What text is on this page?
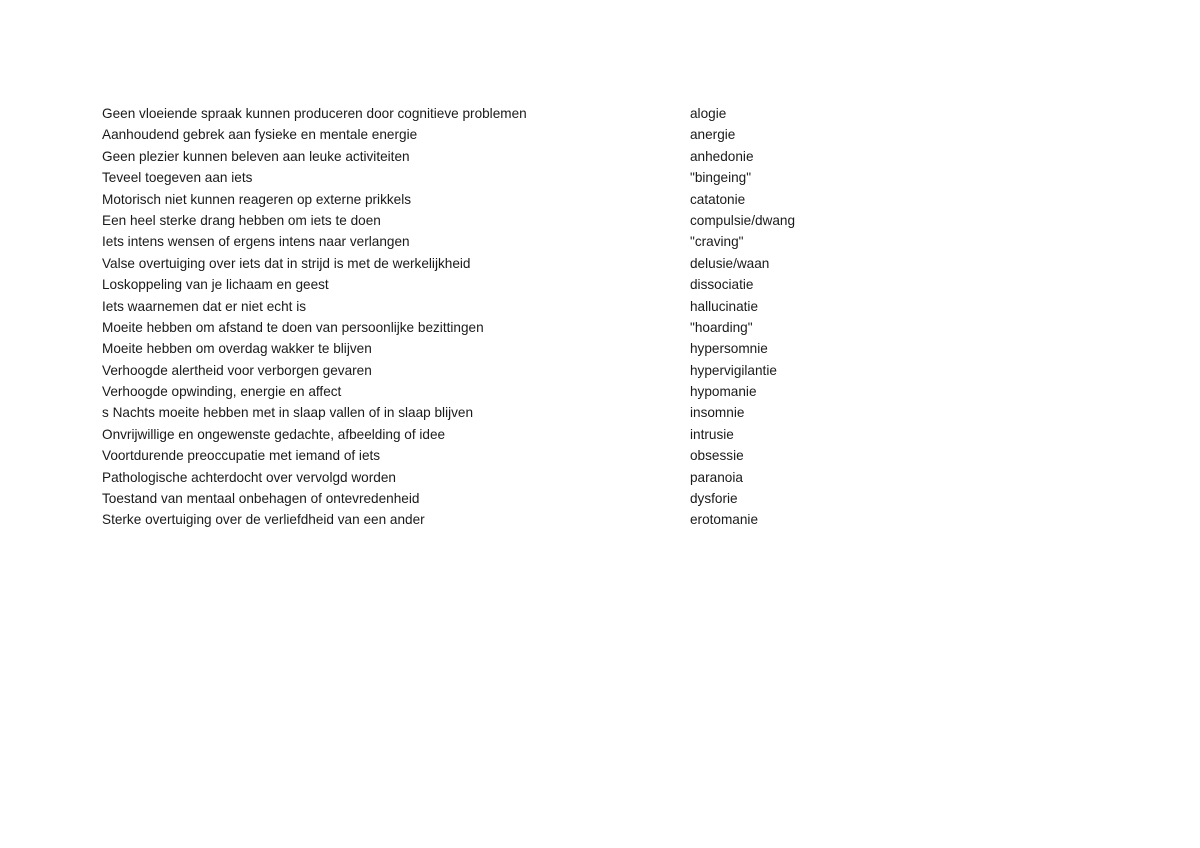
Geen vloeiende spraak kunnen produceren door cognitieve problemen	alogie
Aanhoudend gebrek aan fysieke en mentale energie	anergie
Geen plezier kunnen beleven aan leuke activiteiten	anhedonie
Teveel toegeven aan iets	"bingeing"
Motorisch niet kunnen reageren op externe prikkels	catatonie
Een heel sterke drang hebben om iets te doen	compulsie/dwang
Iets intens wensen of ergens intens naar verlangen	"craving"
Valse overtuiging over iets dat in strijd is met de werkelijkheid	delusie/waan
Loskoppeling van je lichaam en geest	dissociatie
Iets waarnemen dat er niet echt is	hallucinatie
Moeite hebben om afstand te doen van persoonlijke bezittingen	"hoarding"
Moeite hebben om overdag wakker te blijven	hypersomnie
Verhoogde alertheid voor verborgen gevaren	hypervigilantie
Verhoogde opwinding, energie en affect	hypomanie
s Nachts moeite hebben met in slaap vallen of in slaap blijven	insomnie
Onvrijwillige en ongewenste gedachte, afbeelding of idee	intrusie
Voortdurende preoccupatie met iemand of iets	obsessie
Pathologische achterdocht over vervolgd worden	paranoia
Toestand van mentaal onbehagen of ontevredenheid	dysforie
Sterke overtuiging over de verliefdheid van een ander	erotomanie
